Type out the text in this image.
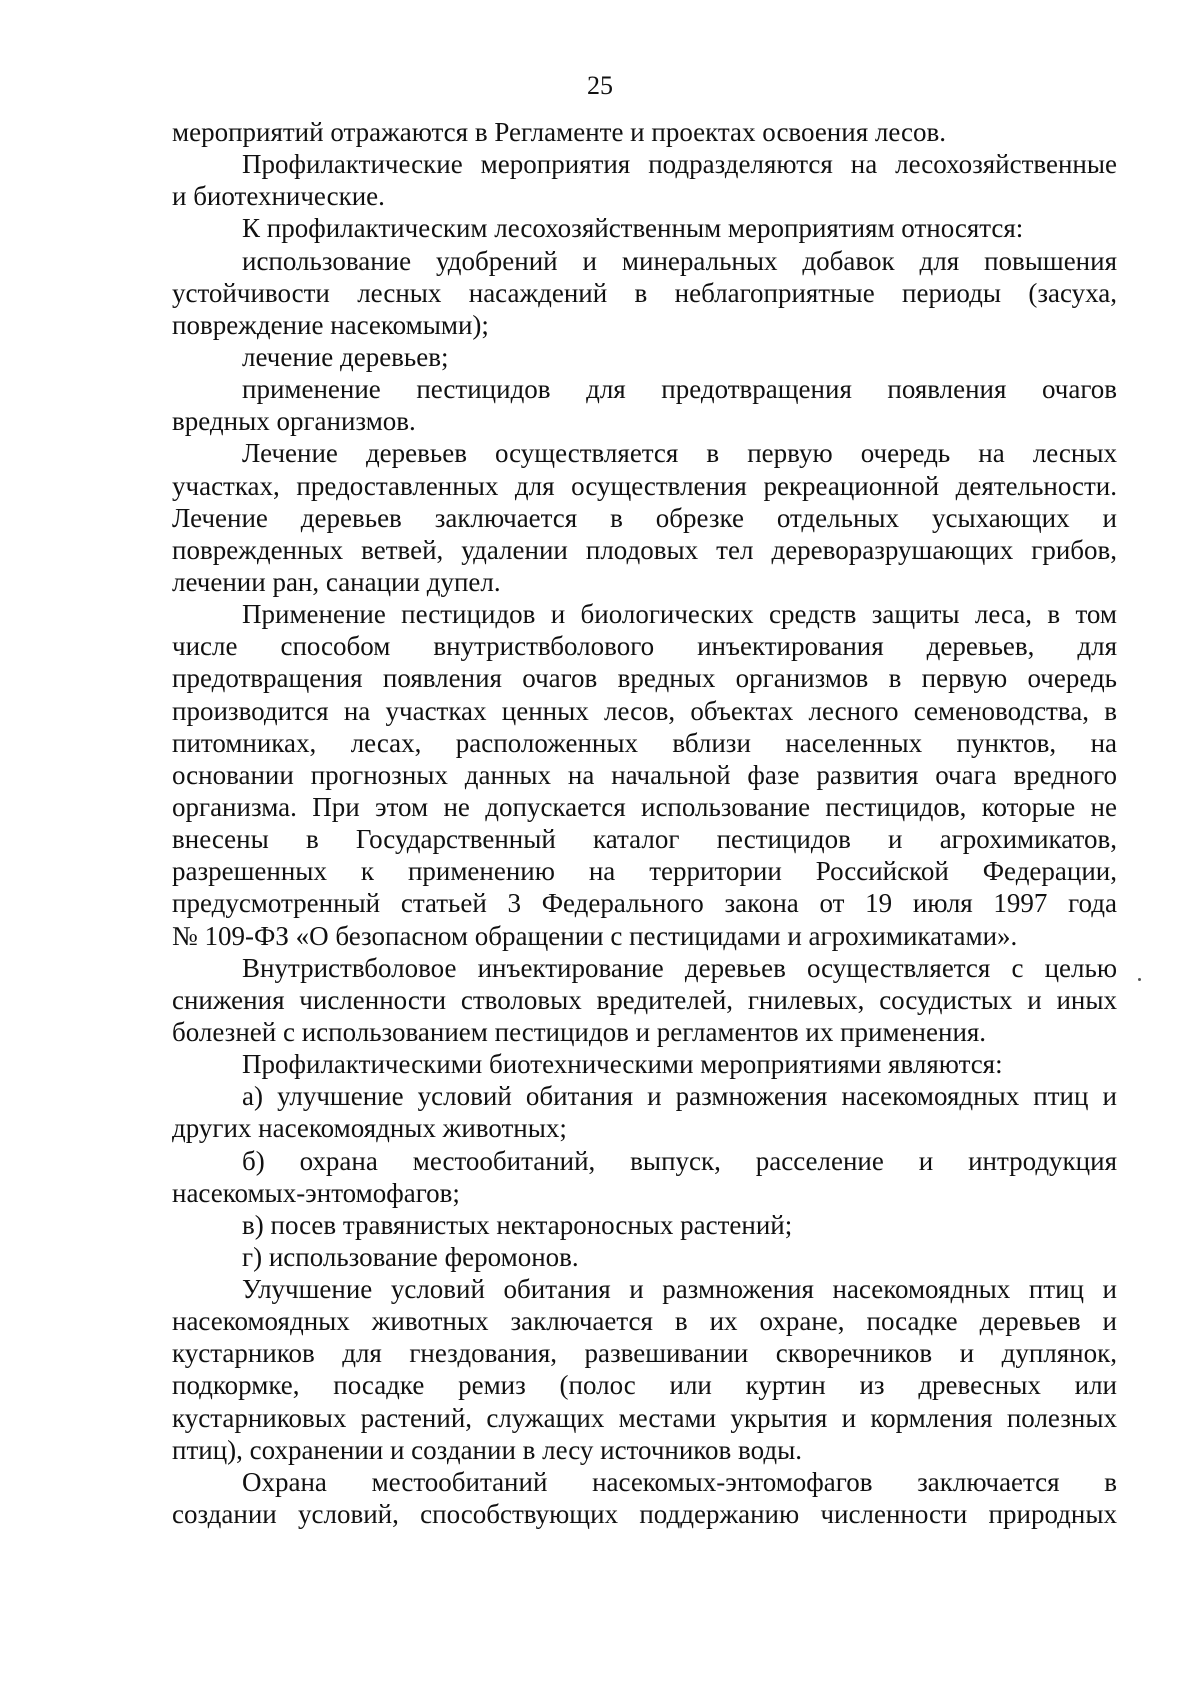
25
мероприятий отражаются в Регламенте и проектах освоения лесов.
Профилактические мероприятия подразделяются на лесохозяйственные
и биотехнические.
К профилактическим лесохозяйственным мероприятиям относятся:
использование удобрений и минеральных добавок для повышения
устойчивости лесных насаждений в неблагоприятные периоды (засуха,
повреждение насекомыми);
лечение деревьев;
применение пестицидов для предотвращения появления очагов
вредных организмов.
Лечение деревьев осуществляется в первую очередь на лесных
участках, предоставленных для осуществления рекреационной деятельности.
Лечение деревьев заключается в обрезке отдельных усыхающих и
поврежденных ветвей, удалении плодовых тел дереворазрушающих грибов,
лечении ран, санации дупел.
Применение пестицидов и биологических средств защиты леса, в том
числе способом внутриствболового инъектирования деревьев, для
предотвращения появления очагов вредных организмов в первую очередь
производится на участках ценных лесов, объектах лесного семеноводства, в
питомниках, лесах, расположенных вблизи населенных пунктов, на
основании прогнозных данных на начальной фазе развития очага вредного
организма. При этом не допускается использование пестицидов, которые не
внесены в Государственный каталог пестицидов и агрохимикатов,
разрешенных к применению на территории Российской Федерации,
предусмотренный статьей 3 Федерального закона от 19 июля 1997 года
№ 109-ФЗ «О безопасном обращении с пестицидами и агрохимикатами».
Внутриствболовое инъектирование деревьев осуществляется с целью
снижения численности стволовых вредителей, гнилевых, сосудистых и иных
болезней с использованием пестицидов и регламентов их применения.
Профилактическими биотехническими мероприятиями являются:
а) улучшение условий обитания и размножения насекомоядных птиц и
других насекомоядных животных;
б) охрана местообитаний, выпуск, расселение и интродукция
насекомых-энтомофагов;
в) посев травянистых нектароносных растений;
г) использование феромонов.
Улучшение условий обитания и размножения насекомоядных птиц и
насекомоядных животных заключается в их охране, посадке деревьев и
кустарников для гнездования, развешивании скворечников и дуплянок,
подкормке, посадке ремиз (полос или куртин из древесных или
кустарниковых растений, служащих местами укрытия и кормления полезных
птиц), сохранении и создании в лесу источников воды.
Охрана местообитаний насекомых-энтомофагов заключается в
создании условий, способствующих поддержанию численности природных
